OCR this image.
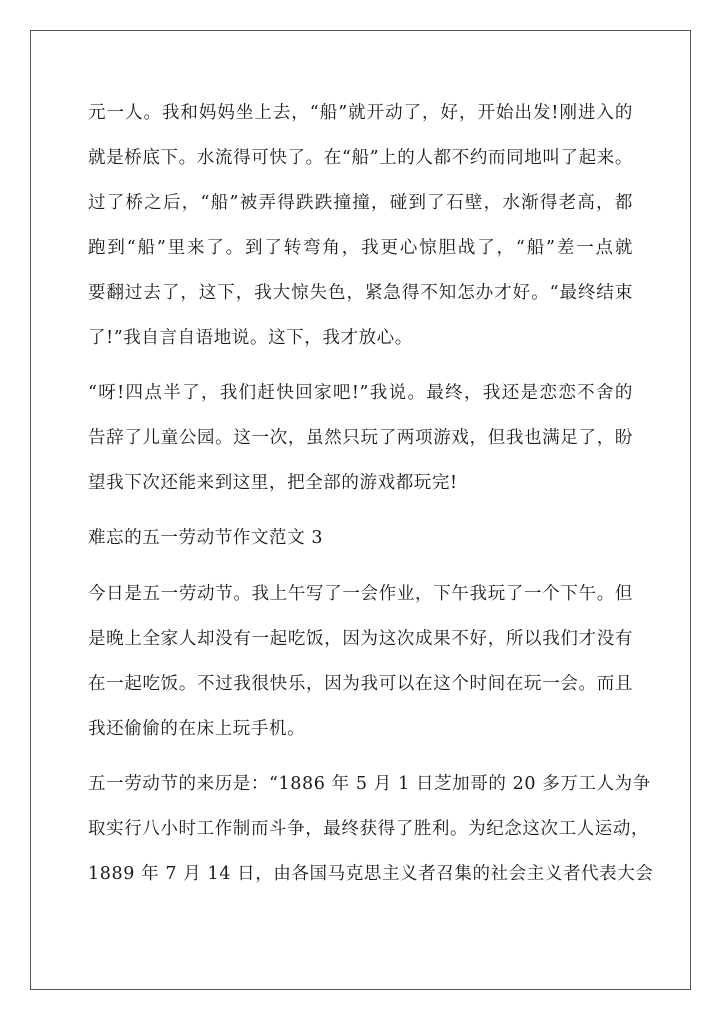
元一人。我和妈妈坐上去，“船”就开动了，好，开始出发!刚进入的
就是桥底下。水流得可快了。在“船”上的人都不约而同地叫了起来。
过了桥之后，“船”被弄得跌跌撞撞，碰到了石壁，水渐得老高，都
跑到“船”里来了。到了转弯角，我更心惊胆战了，“船”差一点就
要翻过去了，这下，我大惊失色，紧急得不知怎办才好。“最终结束
了!”我自言自语地说。这下，我才放心。
“呀!四点半了，我们赶快回家吧!”我说。最终，我还是恋恋不舍的
告辞了儿童公园。这一次，虽然只玩了两项游戏，但我也满足了，盼
望我下次还能来到这里，把全部的游戏都玩完!
难忘的五一劳动节作文范文 3
今日是五一劳动节。我上午写了一会作业，下午我玩了一个下午。但
是晚上全家人却没有一起吃饭，因为这次成果不好，所以我们才没有
在一起吃饭。不过我很快乐，因为我可以在这个时间在玩一会。而且
我还偷偷的在床上玩手机。
五一劳动节的来历是：“1886 年 5 月 1 日芝加哥的 20 多万工人为争
取实行八小时工作制而斗争，最终获得了胜利。为纪念这次工人运动，
1889 年 7 月 14 日，由各国马克思主义者召集的社会主义者代表大会
